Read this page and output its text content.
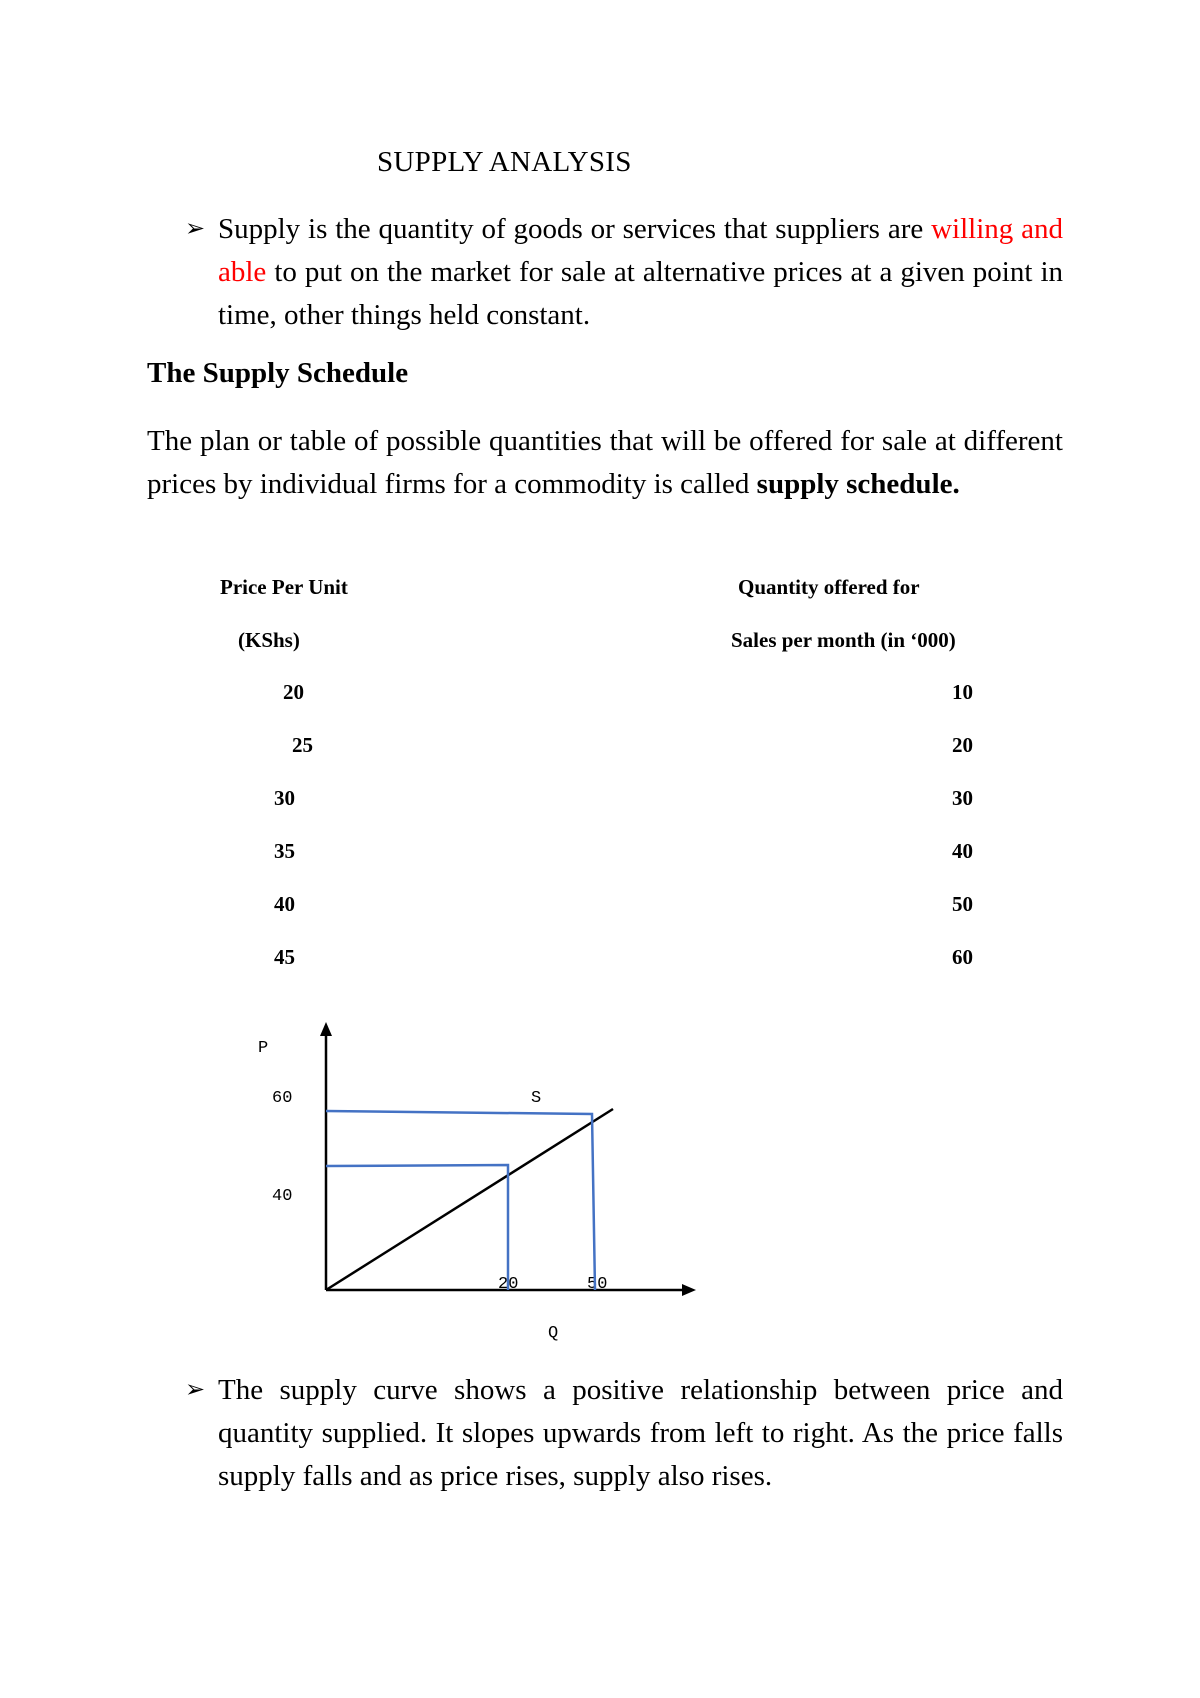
SUPPLY ANALYSIS
➢ Supply is the quantity of goods or services that suppliers are willing and able to put on the market for sale at alternative prices at a given point in time, other things held constant.
The Supply Schedule
The plan or table of possible quantities that will be offered for sale at different prices by individual firms for a commodity is called supply schedule.
Price Per Unit
(KShs)
Quantity offered for
Sales per month (in ‘000)
20	10
25	20
30	30
35	40
40	50
45	60
P
Q
S
60
40
20	50
➢ The supply curve shows a positive relationship between price and quantity supplied. It slopes upwards from left to right. As the price falls supply falls and as price rises, supply also rises.
